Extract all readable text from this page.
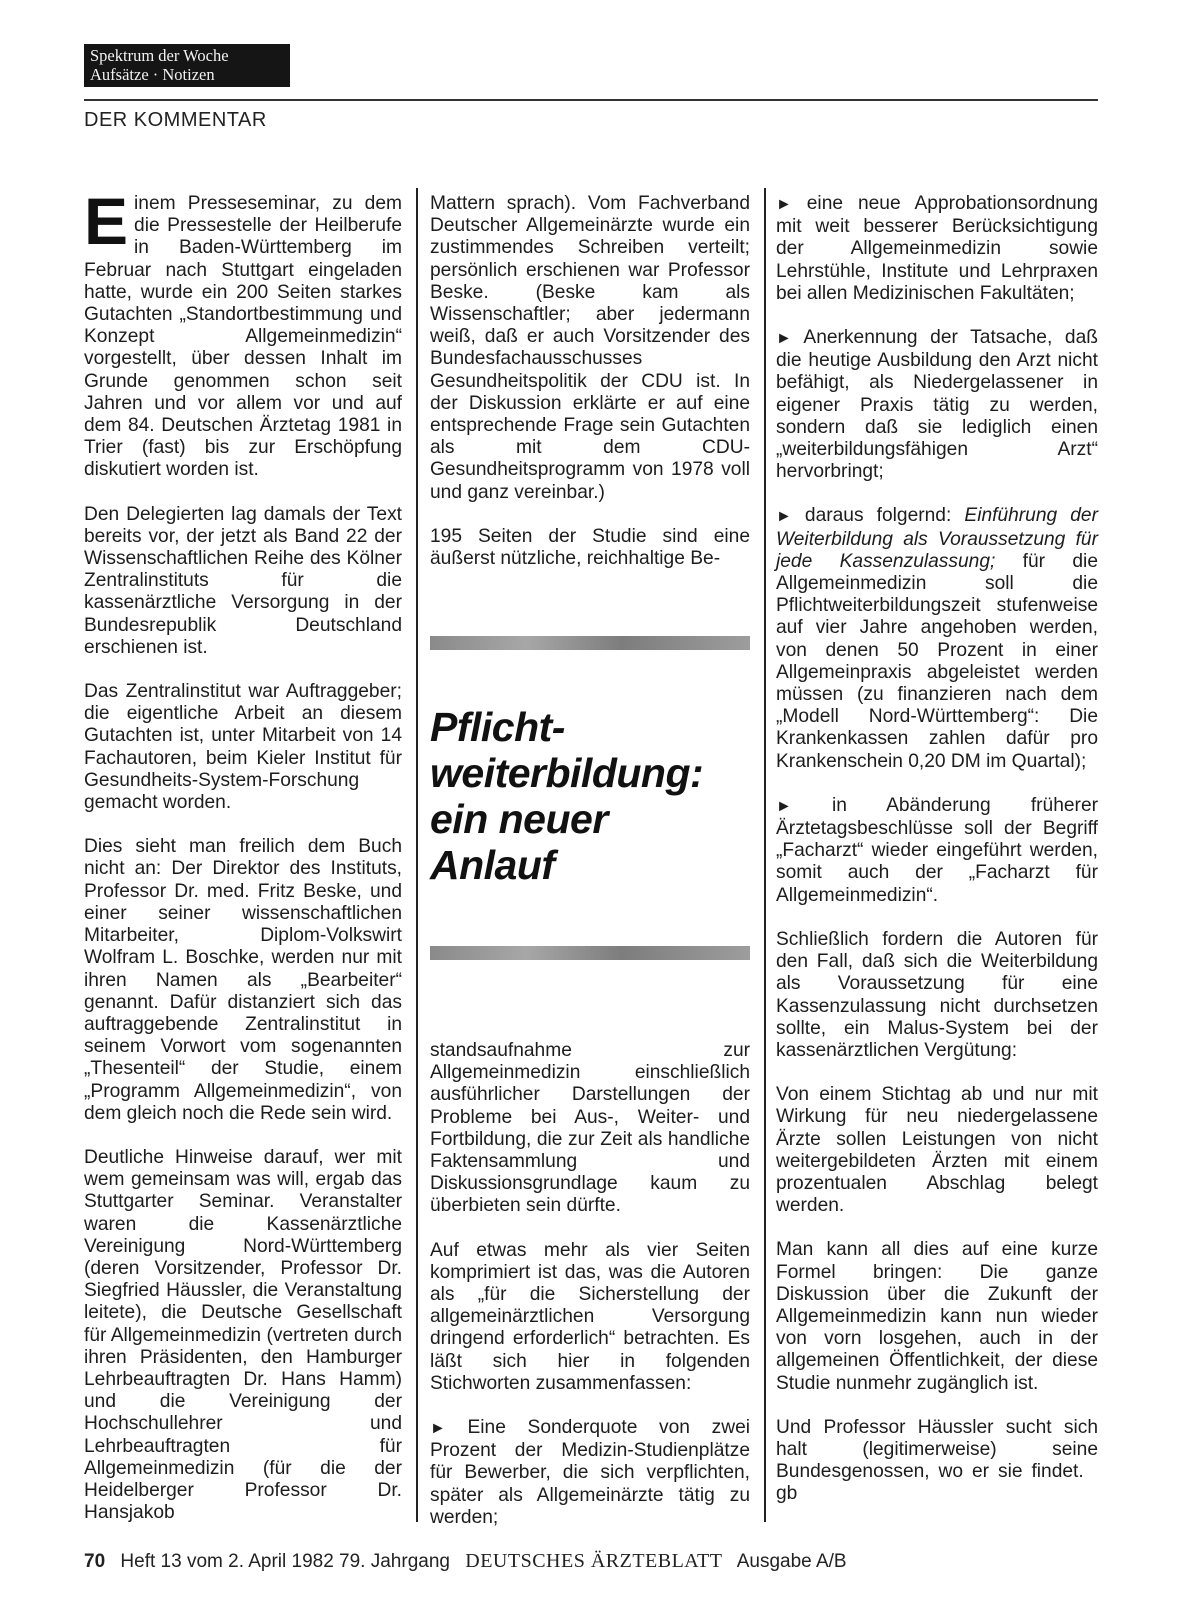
Spektrum der Woche
Aufsätze · Notizen
DER KOMMENTAR

Einem Presseseminar, zu dem die Pressestelle der Heilberufe in Baden-Württemberg im Februar nach Stuttgart eingeladen hatte, wurde ein 200 Seiten starkes Gutachten „Standortbestimmung und Konzept Allgemeinmedizin“ vorgestellt, über dessen Inhalt im Grunde genommen schon seit Jahren und vor allem vor und auf dem 84. Deutschen Ärztetag 1981 in Trier (fast) bis zur Erschöpfung diskutiert worden ist.

Den Delegierten lag damals der Text bereits vor, der jetzt als Band 22 der Wissenschaftlichen Reihe des Kölner Zentralinstituts für die kassenärztliche Versorgung in der Bundesrepublik Deutschland erschienen ist.

Das Zentralinstitut war Auftraggeber; die eigentliche Arbeit an diesem Gutachten ist, unter Mitarbeit von 14 Fachautoren, beim Kieler Institut für Gesundheits-System-Forschung gemacht worden.

Dies sieht man freilich dem Buch nicht an: Der Direktor des Instituts, Professor Dr. med. Fritz Beske, und einer seiner wissenschaftlichen Mitarbeiter, Diplom-Volkswirt Wolfram L. Boschke, werden nur mit ihren Namen als „Bearbeiter“ genannt. Dafür distanziert sich das auftraggebende Zentralinstitut in seinem Vorwort vom sogenannten „Thesenteil“ der Studie, einem „Programm Allgemeinmedizin“, von dem gleich noch die Rede sein wird.

Deutliche Hinweise darauf, wer mit wem gemeinsam was will, ergab das Stuttgarter Seminar. Veranstalter waren die Kassenärztliche Vereinigung Nord-Württemberg (deren Vorsitzender, Professor Dr. Siegfried Häussler, die Veranstaltung leitete), die Deutsche Gesellschaft für Allgemeinmedizin (vertreten durch ihren Präsidenten, den Hamburger Lehrbeauftragten Dr. Hans Hamm) und die Vereinigung der Hochschullehrer und Lehrbeauftragten für Allgemeinmedizin (für die der Heidelberger Professor Dr. Hansjakob

Mattern sprach). Vom Fachverband Deutscher Allgemeinärzte wurde ein zustimmendes Schreiben verteilt; persönlich erschienen war Professor Beske. (Beske kam als Wissenschaftler; aber jedermann weiß, daß er auch Vorsitzender des Bundesfachausschusses Gesundheitspolitik der CDU ist. In der Diskussion erklärte er auf eine entsprechende Frage sein Gutachten als mit dem CDU-Gesundheitsprogramm von 1978 voll und ganz vereinbar.)

195 Seiten der Studie sind eine äußerst nützliche, reichhaltige Be-

Pflicht-
weiterbildung:
ein neuer
Anlauf

standsaufnahme zur Allgemeinmedizin einschließlich ausführlicher Darstellungen der Probleme bei Aus-, Weiter- und Fortbildung, die zur Zeit als handliche Faktensammlung und Diskussionsgrundlage kaum zu überbieten sein dürfte.

Auf etwas mehr als vier Seiten komprimiert ist das, was die Autoren als „für die Sicherstellung der allgemeinärztlichen Versorgung dringend erforderlich“ betrachten. Es läßt sich hier in folgenden Stichworten zusammenfassen:

► Eine Sonderquote von zwei Prozent der Medizin-Studienplätze für Bewerber, die sich verpflichten, später als Allgemeinärzte tätig zu werden;

► eine neue Approbationsordnung mit weit besserer Berücksichtigung der Allgemeinmedizin sowie Lehrstühle, Institute und Lehrpraxen bei allen Medizinischen Fakultäten;

► Anerkennung der Tatsache, daß die heutige Ausbildung den Arzt nicht befähigt, als Niedergelassener in eigener Praxis tätig zu werden, sondern daß sie lediglich einen „weiterbildungsfähigen Arzt“ hervorbringt;

► daraus folgernd: Einführung der Weiterbildung als Voraussetzung für jede Kassenzulassung; für die Allgemeinmedizin soll die Pflichtweiterbildungszeit stufenweise auf vier Jahre angehoben werden, von denen 50 Prozent in einer Allgemeinpraxis abgeleistet werden müssen (zu finanzieren nach dem „Modell Nord-Württemberg“: Die Krankenkassen zahlen dafür pro Krankenschein 0,20 DM im Quartal);

► in Abänderung früherer Ärztetagsbeschlüsse soll der Begriff „Facharzt“ wieder eingeführt werden, somit auch der „Facharzt für Allgemeinmedizin“.

Schließlich fordern die Autoren für den Fall, daß sich die Weiterbildung als Voraussetzung für eine Kassenzulassung nicht durchsetzen sollte, ein Malus-System bei der kassenärztlichen Vergütung:

Von einem Stichtag ab und nur mit Wirkung für neu niedergelassene Ärzte sollen Leistungen von nicht weitergebildeten Ärzten mit einem prozentualen Abschlag belegt werden.

Man kann all dies auf eine kurze Formel bringen: Die ganze Diskussion über die Zukunft der Allgemeinmedizin kann nun wieder von vorn losgehen, auch in der allgemeinen Öffentlichkeit, der diese Studie nunmehr zugänglich ist.

Und Professor Häussler sucht sich halt (legitimerweise) seine Bundesgenossen, wo er sie findet.   gb

70 Heft 13 vom 2. April 1982 79. Jahrgang DEUTSCHES ÄRZTEBLATT Ausgabe A/B
